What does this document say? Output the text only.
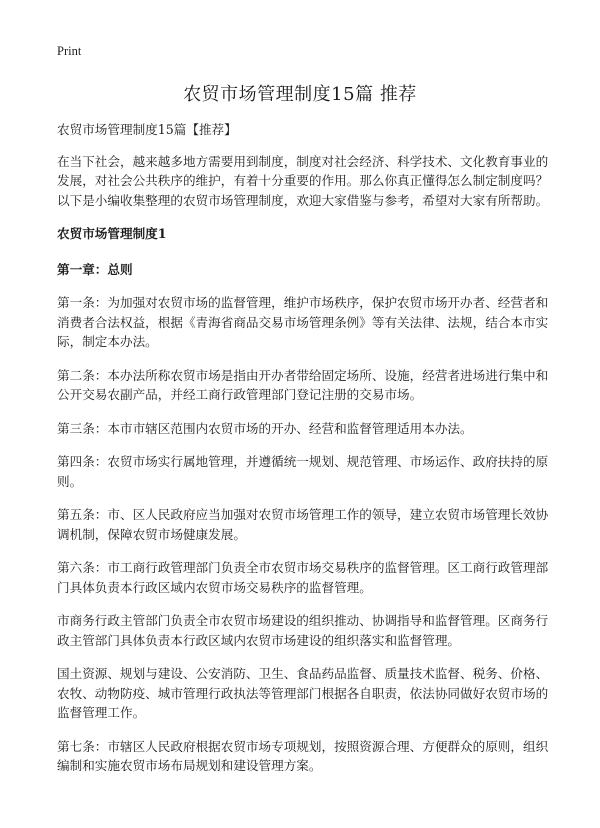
Print
农贸市场管理制度15篇 推荐

农贸市场管理制度15篇【推荐】

在当下社会，越来越多地方需要用到制度，制度对社会经济、科学技术、文化教育事业的发展，对社会公共秩序的维护，有着十分重要的作用。那么你真正懂得怎么制定制度吗？以下是小编收集整理的农贸市场管理制度，欢迎大家借鉴与参考，希望对大家有所帮助。

农贸市场管理制度1

第一章：总则

第一条：为加强对农贸市场的监督管理，维护市场秩序，保护农贸市场开办者、经营者和消费者合法权益，根据《青海省商品交易市场管理条例》等有关法律、法规，结合本市实际，制定本办法。

第二条：本办法所称农贸市场是指由开办者带给固定场所、设施，经营者进场进行集中和公开交易农副产品，并经工商行政管理部门登记注册的交易市场。

第三条：本市市辖区范围内农贸市场的开办、经营和监督管理适用本办法。

第四条：农贸市场实行属地管理，并遵循统一规划、规范管理、市场运作、政府扶持的原则。

第五条：市、区人民政府应当加强对农贸市场管理工作的领导，建立农贸市场管理长效协调机制，保障农贸市场健康发展。

第六条：市工商行政管理部门负责全市农贸市场交易秩序的监督管理。区工商行政管理部门具体负责本行政区域内农贸市场交易秩序的监督管理。

市商务行政主管部门负责全市农贸市场建设的组织推动、协调指导和监督管理。区商务行政主管部门具体负责本行政区域内农贸市场建设的组织落实和监督管理。

国土资源、规划与建设、公安消防、卫生、食品药品监督、质量技术监督、税务、价格、农牧、动物防疫、城市管理行政执法等管理部门根据各自职责，依法协同做好农贸市场的监督管理工作。

第七条：市辖区人民政府根据农贸市场专项规划，按照资源合理、方便群众的原则，组织编制和实施农贸市场布局规划和建设管理方案。
